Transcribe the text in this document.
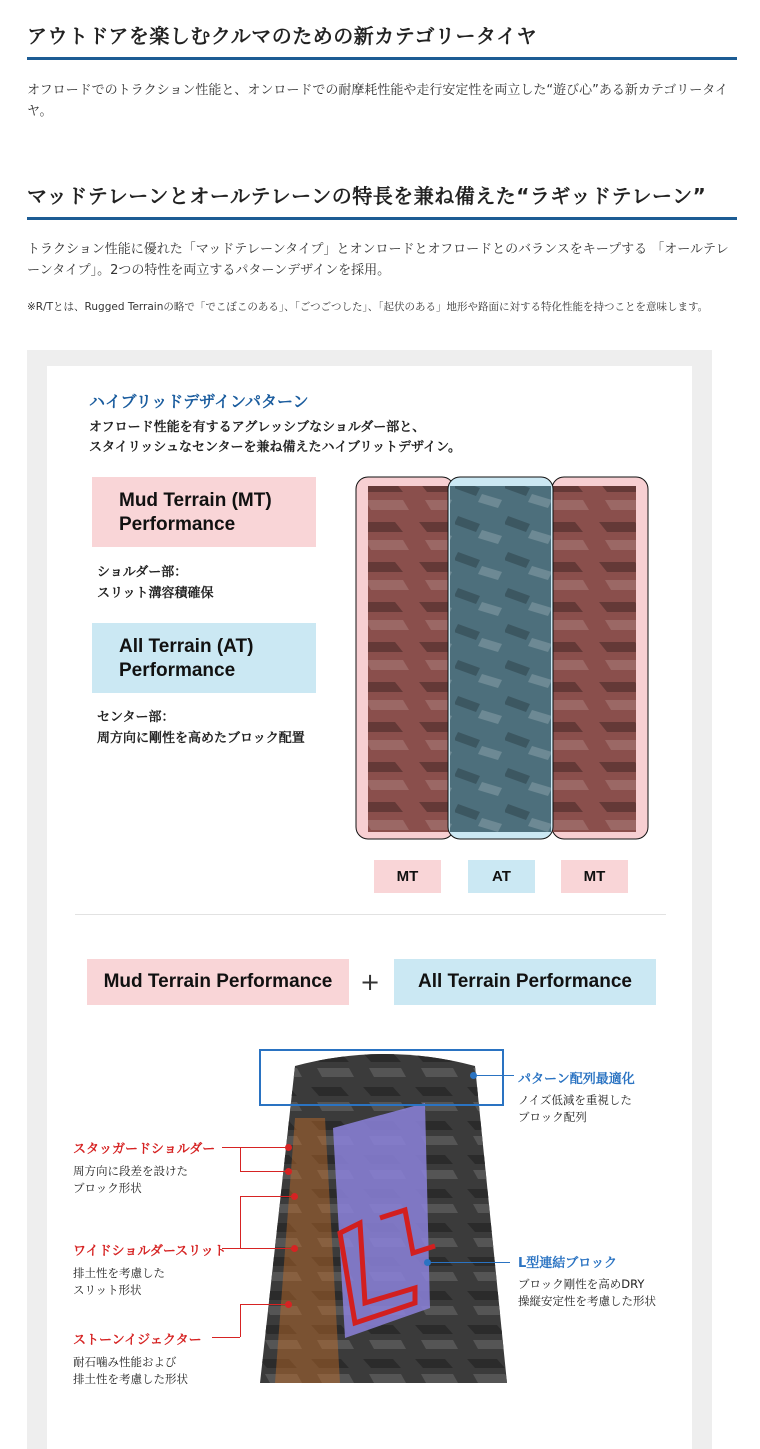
アウトドアを楽しむクルマのための新カテゴリータイヤ
オフロードでのトラクション性能と、オンロードでの耐摩耗性能や走行安定性を両立した“遊び心”ある新カテゴリータイヤ。
マッドテレーンとオールテレーンの特長を兼ね備えた“ラギッドテレーン”
トラクション性能に優れた「マッドテレーンタイプ」とオンロードとオフロードとのバランスをキープする 「オールテレーンタイプ」。2つの特性を両立するパターンデザインを採用。
※R/Tとは、Rugged Terrainの略で「でこぼこのある」、「ごつごつした」、「起伏のある」地形や路面に対する特化性能を持つことを意味します。
ハイブリッドデザインパターン
オフロード性能を有するアグレッシブなショルダー部と、
スタイリッシュなセンターを兼ね備えたハイブリットデザイン。
Mud Terrain (MT)
Performance
ショルダー部：
スリット溝容積確保
All Terrain (AT)
Performance
センター部：
周方向に剛性を高めたブロック配置
MT	AT	MT
Mud Terrain Performance	+	All Terrain Performance
スタッガードショルダー
周方向に段差を設けた
ブロック形状
ワイドショルダースリット
排土性を考慮した
スリット形状
ストーンイジェクター
耐石噛み性能および
排土性を考慮した形状
パターン配列最適化
ノイズ低減を重視した
ブロック配列
L型連結ブロック
ブロック剛性を高めDRY
操縦安定性を考慮した形状
